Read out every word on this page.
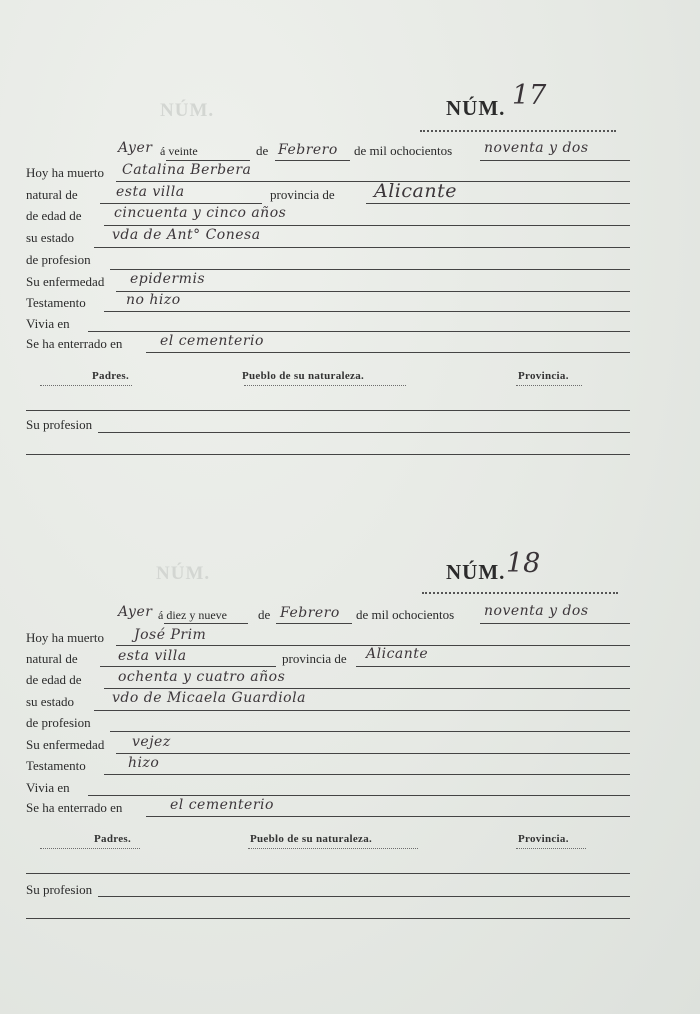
NÚM.	NÚM. 17
Ayer á veinte	de Febrero de mil ochocientos noventa y dos
Hoy ha muerto Catalina Berbera
natural de	esta villa	provincia de Alicante
de edad de cincuenta y cinco años
su estado	vda de Ant° Conesa
de profesion
Su enfermedad epidermis
Testamento	no hizo
Vivia en
Se ha enterrado en	el cementerio
Padres.	Pueblo de su naturaleza.	Provincia.
Su profesion
NÚM.	NÚM. 18
Ayer á diez y nueve de Febrero de mil ochocientos noventa y dos
Hoy ha muerto José Prim
natural de	esta villa	provincia de Alicante
de edad de	ochenta y cuatro años
su estado	vdo de Micaela Guardiola
de profesion
Su enfermedad vejez
Testamento	hizo
Vivia en
Se ha enterrado en	el cementerio
Padres.	Pueblo de su naturaleza.	Provincia.
Su profesion
